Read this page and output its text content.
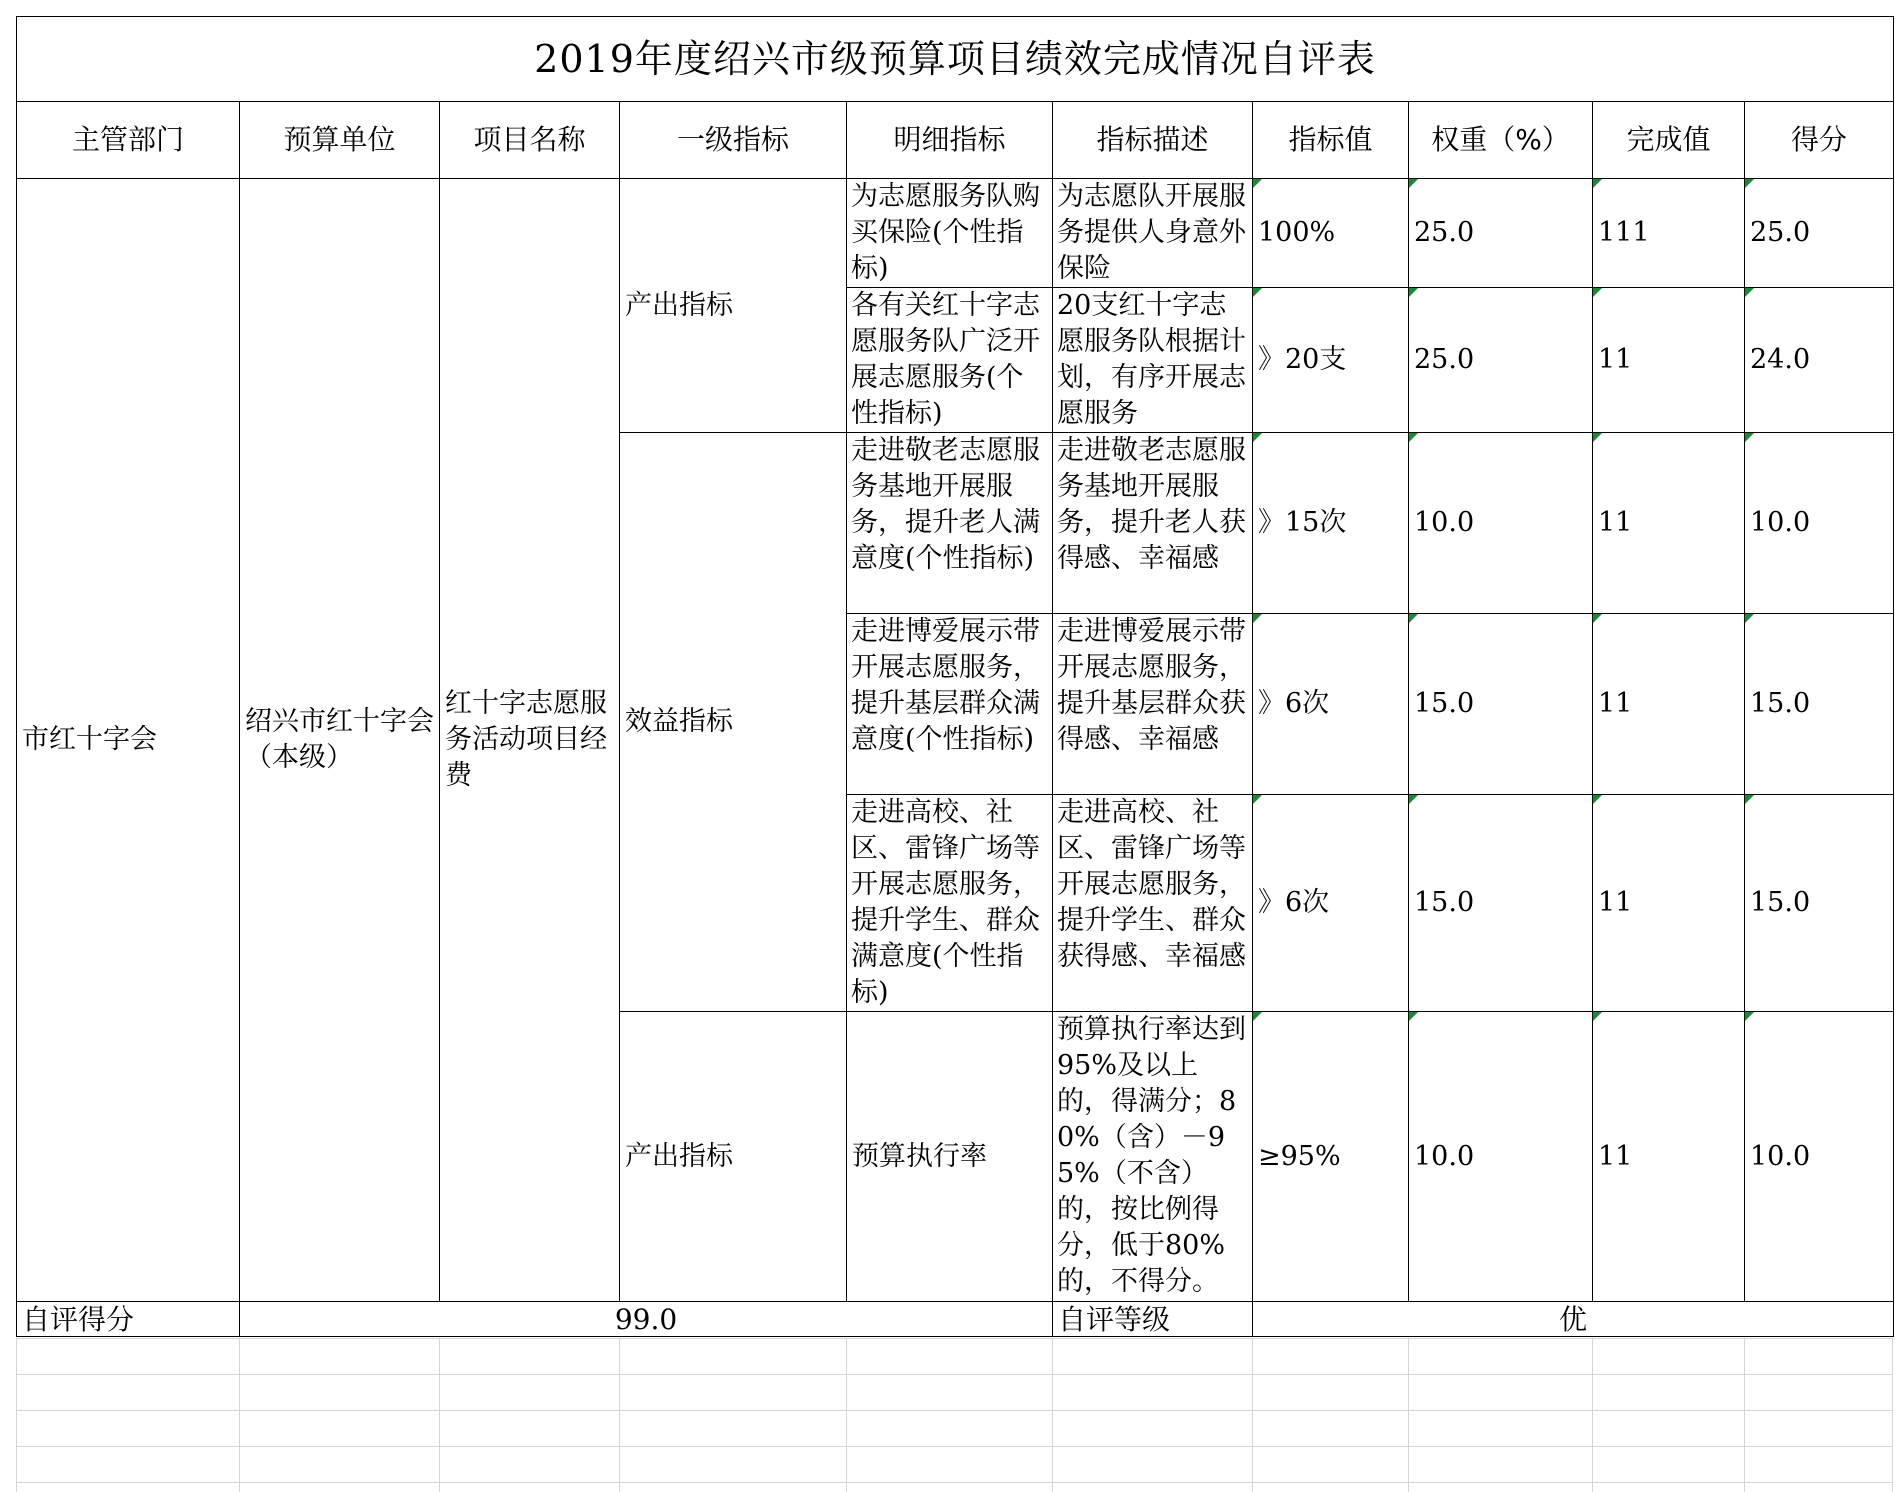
2019年度绍兴市级预算项目绩效完成情况自评表									
主管部门	预算单位	项目名称	一级指标	明细指标	指标描述	指标值	权重（%）	完成值	得分
市红十字会	绍兴市红十字会（本级）	红十字志愿服务活动项目经费	产出指标	为志愿服务队购买保险(个性指标)	为志愿队开展服务提供人身意外保险	100%	25.0	111	25.0
				各有关红十字志愿服务队广泛开展志愿服务(个性指标)	20支红十字志愿服务队根据计划，有序开展志愿服务	》20支	25.0	11	24.0
			效益指标	走进敬老志愿服务基地开展服务，提升老人满意度(个性指标)	走进敬老志愿服务基地开展服务，提升老人获得感、幸福感	》15次	10.0	11	10.0
				走进博爱展示带开展志愿服务，提升基层群众满意度(个性指标)	走进博爱展示带开展志愿服务，提升基层群众获得感、幸福感	》6次	15.0	11	15.0
				走进高校、社区、雷锋广场等开展志愿服务，提升学生、群众满意度(个性指标)	走进高校、社区、雷锋广场等开展志愿服务，提升学生、群众获得感、幸福感	》6次	15.0	11	15.0
			产出指标	预算执行率	预算执行率达到95%及以上的，得满分；80%（含）－95%（不含）的，按比例得分，低于80%的，不得分。	≥95%	10.0	11	10.0
自评得分	99.0				自评等级	优			
